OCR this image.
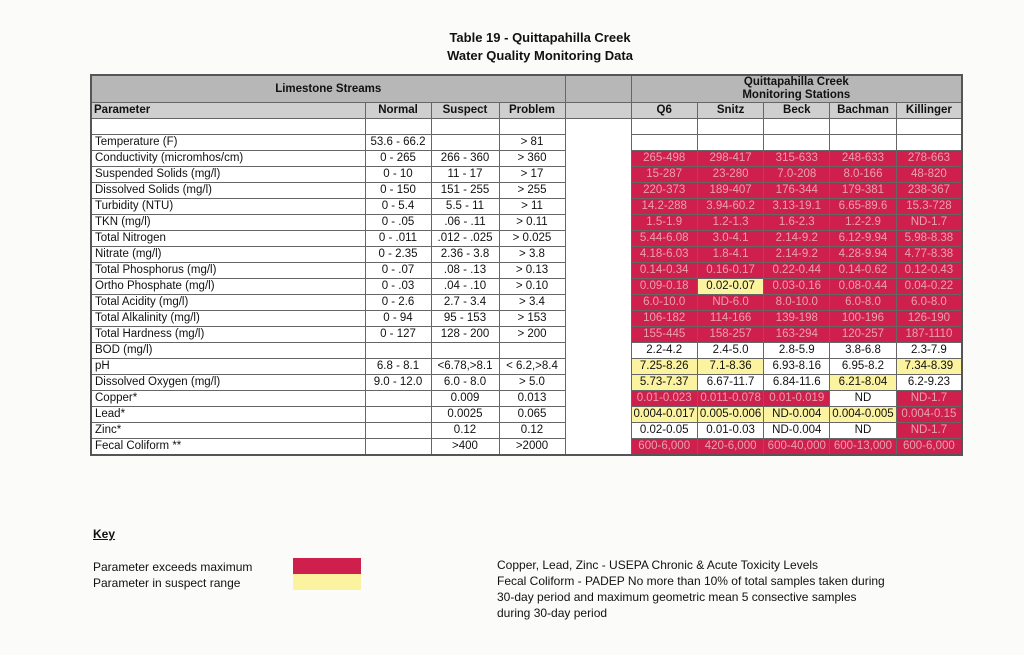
Table 19 - Quittapahilla Creek
Water Quality Monitoring Data
Limestone Streams					Quittapahilla Creek
Monitoring Stations				

Parameter	Normal	Suspect	Problem		Q6	Snitz	Beck	Bachman	Killinger

Temperature (F)	53.6 - 66.2		> 81						
Conductivity (micromhos/cm)	0 - 265	266 - 360	> 360		265-498	298-417	315-633	248-633	278-663
Suspended Solids (mg/l)	0 - 10	11 - 17	> 17		15-287	23-280	7.0-208	8.0-166	48-820
Dissolved Solids (mg/l)	0 - 150	151 - 255	> 255		220-373	189-407	176-344	179-381	238-367
Turbidity (NTU)	0 - 5.4	5.5 - 11	> 11		14.2-288	3.94-60.2	3.13-19.1	6.65-89.6	15.3-728
TKN (mg/l)	0 - .05	.06 - .11	> 0.11		1.5-1.9	1.2-1.3	1.6-2.3	1.2-2.9	ND-1.7
Total Nitrogen	0 - .011	.012 - .025	> 0.025		5.44-6.08	3.0-4.1	2.14-9.2	6.12-9.94	5.98-8.38
Nitrate (mg/l)	0 - 2.35	2.36 - 3.8	> 3.8		4.18-6.03	1.8-4.1	2.14-9.2	4.28-9.94	4.77-8.38
Total Phosphorus (mg/l)	0 - .07	.08 - .13	> 0.13		0.14-0.34	0.16-0.17	0.22-0.44	0.14-0.62	0.12-0.43
Ortho Phosphate (mg/l)	0 - .03	.04 - .10	> 0.10		0.09-0.18	0.02-0.07	0.03-0.16	0.08-0.44	0.04-0.22
Total Acidity (mg/l)	0 - 2.6	2.7 - 3.4	> 3.4		6.0-10.0	ND-6.0	8.0-10.0	6.0-8.0	6.0-8.0
Total Alkalinity (mg/l)	0 - 94	95 - 153	> 153		106-182	114-166	139-198	100-196	126-190
Total Hardness (mg/l)	0 - 127	128 - 200	> 200		155-445	158-257	163-294	120-257	187-1110
BOD (mg/l)					2.2-4.2	2.4-5.0	2.8-5.9	3.8-6.8	2.3-7.9
pH	6.8 - 8.1	<6.78,>8.1	< 6.2,>8.4		7.25-8.26	7.1-8.36	6.93-8.16	6.95-8.2	7.34-8.39
Dissolved Oxygen (mg/l)	9.0 - 12.0	6.0 - 8.0	> 5.0		5.73-7.37	6.67-11.7	6.84-11.6	6.21-8.04	6.2-9.23
Copper*		0.009	0.013		0.01-0.023	0.011-0.078	0.01-0.019	ND	ND-1.7
Lead*		0.0025	0.065		0.004-0.017	0.005-0.006	ND-0.004	0.004-0.005	0.004-0.15
Zinc*		0.12	0.12		0.02-0.05	0.01-0.03	ND-0.004	ND	ND-1.7
Fecal Coliform **		>400	>2000		600-6,000	420-6,000	600-40,000	600-13,000	600-6,000
Key
Parameter exceeds maximum
Parameter in suspect range
Copper, Lead, Zinc - USEPA Chronic & Acute Toxicity Levels
Fecal Coliform - PADEP No more than 10% of total samples taken during
30-day period and maximum geometric mean 5 consective samples
during 30-day period
